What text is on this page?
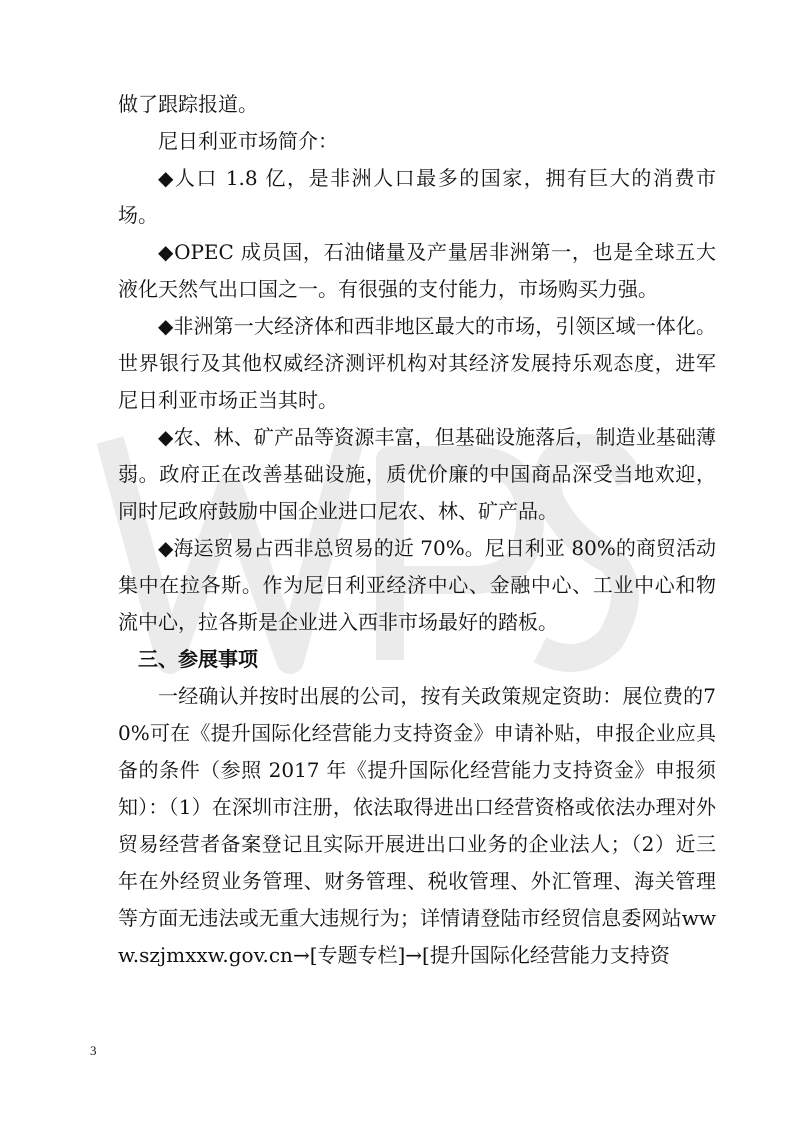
做了跟踪报道。

尼日利亚市场简介：

◆人口 1.8 亿，是非洲人口最多的国家，拥有巨大的消费市场。

◆OPEC 成员国，石油储量及产量居非洲第一，也是全球五大液化天然气出口国之一。有很强的支付能力，市场购买力强。

◆非洲第一大经济体和西非地区最大的市场，引领区域一体化。世界银行及其他权威经济测评机构对其经济发展持乐观态度，进军尼日利亚市场正当其时。

◆农、林、矿产品等资源丰富，但基础设施落后，制造业基础薄弱。政府正在改善基础设施，质优价廉的中国商品深受当地欢迎，同时尼政府鼓励中国企业进口尼农、林、矿产品。

◆海运贸易占西非总贸易的近 70%。尼日利亚 80%的商贸活动集中在拉各斯。作为尼日利亚经济中心、金融中心、工业中心和物流中心，拉各斯是企业进入西非市场最好的踏板。

三、参展事项

一经确认并按时出展的公司，按有关政策规定资助：展位费的70%可在《提升国际化经营能力支持资金》申请补贴，申报企业应具备的条件（参照 2017 年《提升国际化经营能力支持资金》申报须知）：（1）在深圳市注册，依法取得进出口经营资格或依法办理对外贸易经营者备案登记且实际开展进出口业务的企业法人；（2）近三年在外经贸业务管理、财务管理、税收管理、外汇管理、海关管理等方面无违法或无重大违规行为；详情请登陆市经贸信息委网站www.szjmxxw.gov.cn→[专题专栏]→[提升国际化经营能力支持资

3
